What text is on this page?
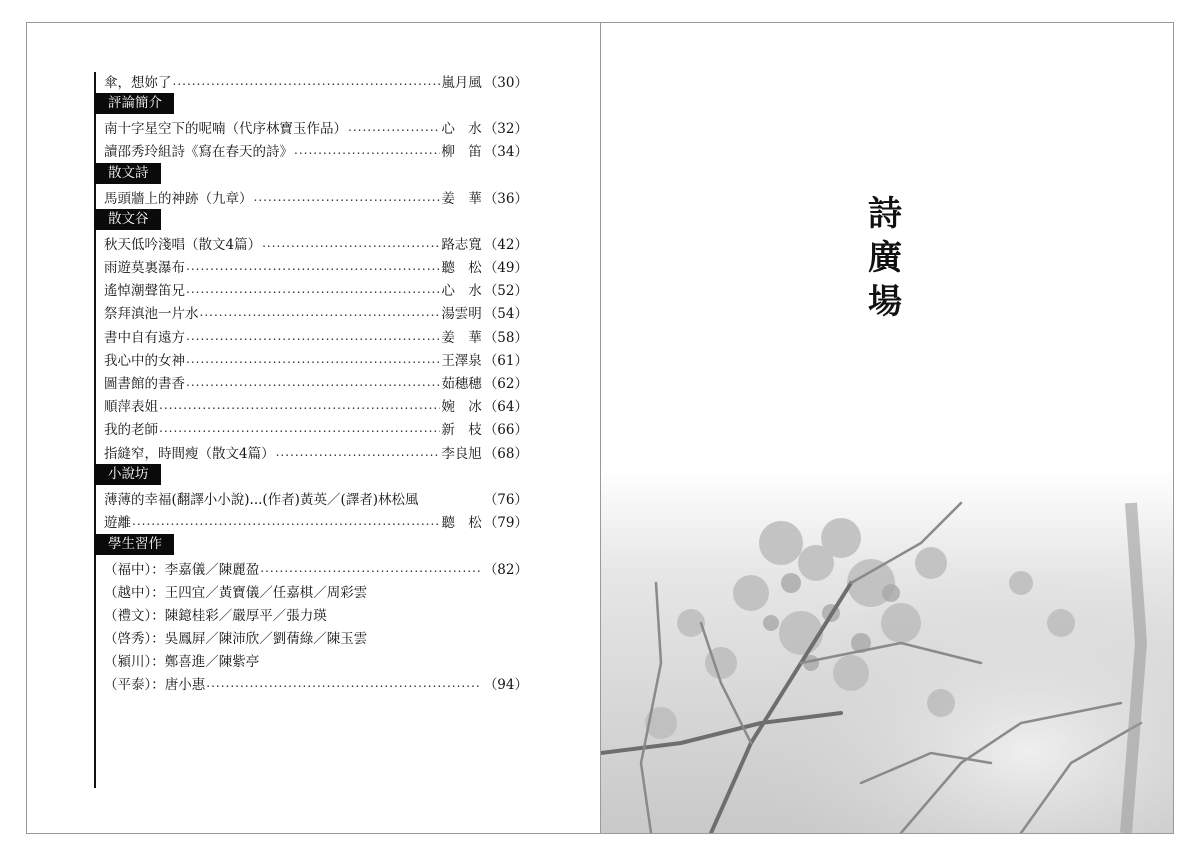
傘，想妳了 .....	嵐月風 （30）
評論簡介
南十字星空下的呢喃（代序林寶玉作品） .....	心　水 （32）
讀邵秀玲組詩《寫在春天的詩》 .....	柳　笛 （34）
散文詩
馬頭牆上的神跡（九章） .....	姜　華 （36）
散文谷
秋天低吟淺唱（散文4篇） .....	路志寬 （42）
雨遊莫裏瀑布 .....	聽　松 （49）
遙悼潮聲笛兄 .....	心　水 （52）
祭拜滇池一片水 .....	湯雲明 （54）
書中自有遠方 .....	姜　華 （58）
我心中的女神 .....	王澤泉 （61）
圖書館的書香 .....	茹穗穗 （62）
順萍表姐 .....	婉　冰 （64）
我的老師 .....	新　枝 （66）
指縫窄，時間瘦（散文4篇） .....	李良旭 （68）
小說坊
薄薄的幸福(翻譯小小說)...(作者)黃英／(譯者)林松風	（76）
遊離 .....	聽　松 （79）
學生習作
（福中）：李嘉儀／陳麗盈 .....	（82）
（越中）：王四宜／黃寶儀／任嘉棋／周彩雲
（禮文）：陳鐿桂彩／嚴厚平／張力瑛
（啓秀）：吳鳳屛／陳沛欣／劉蒨綠／陳玉雲
（潁川）：鄭喜進／陳紫亭
（平泰）：唐小惠 .....	（94）
詩
廣
場
